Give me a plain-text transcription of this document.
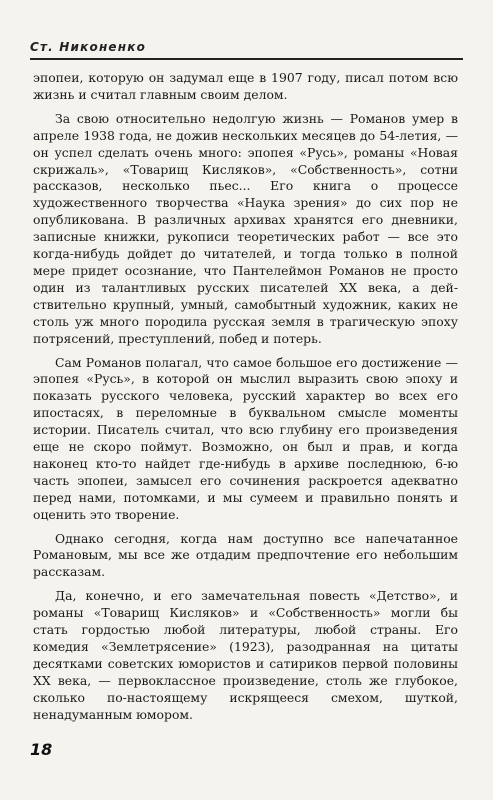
Ст. Никоненко

эпопеи, которую он задумал еще в 1907 году, писал потом всю жизнь и считал главным своим делом.

За свою относительно недолгую жизнь — Романов умер в апреле 1938 года, не дожив нескольких месяцев до 54-летия, — он успел сделать очень много: эпопея «Русь», романы «Новая скрижаль», «Товарищ Кисляков», «Собственность», сотни рассказов, несколько пьес... Его книга о процессе художественного творчества «Наука зрения» до сих пор не опубликована. В различных архивах хранятся его дневники, записные книжки, рукописи теоретических работ — все это когда-нибудь дойдет до читателей, и тогда только в полной мере придет осознание, что Пантелеймон Романов не просто один из талантливых русских писателей XX века, а действительно крупный, умный, самобытный художник, каких не столь уж много породила русская земля в трагическую эпоху потрясений, преступлений, побед и потерь.

Сам Романов полагал, что самое большое его достижение — эпопея «Русь», в которой он мыслил выразить свою эпоху и показать русского человека, русский характер во всех его ипостасях, в переломные в буквальном смысле моменты истории. Писатель считал, что всю глубину его произведения еще не скоро поймут. Возможно, он был и прав, и когда наконец кто-то найдет где-нибудь в архиве последнюю, 6-ю часть эпопеи, замысел его сочинения раскроется адекватно перед нами, потомками, и мы сумеем и правильно понять и оценить это творение.

Однако сегодня, когда нам доступно все напечатанное Романовым, мы все же отдадим предпочтение его небольшим рассказам.

Да, конечно, и его замечательная повесть «Детство», и романы «Товарищ Кисляков» и «Собственность» могли бы стать гордостью любой литературы, любой страны. Его комедия «Землетрясение» (1923), разодранная на цитаты десятками советских юмористов и сатириков первой половины XX века, — первоклассное произведение, столь же глубокое, сколько по-настоящему искрящееся смехом, шуткой, ненадуманным юмором.

18
